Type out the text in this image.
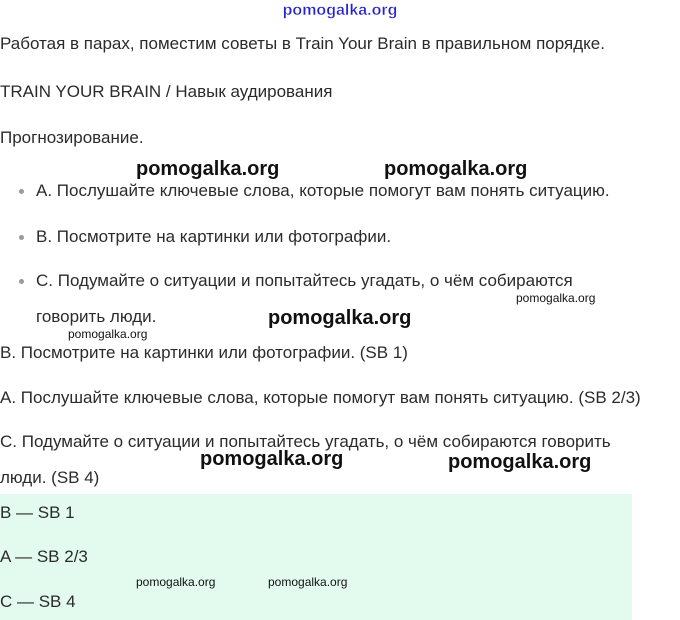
pomogalka.org
Работая в парах, поместим советы в Train Your Brain в правильном порядке.
TRAIN YOUR BRAIN / Навык аудирования
Прогнозирование.
A. Послушайте ключевые слова, которые помогут вам понять ситуацию.
B. Посмотрите на картинки или фотографии.
C. Подумайте о ситуации и попытайтесь угадать, о чём собираются
говорить люди.
B. Посмотрите на картинки или фотографии. (SB 1)
A. Послушайте ключевые слова, которые помогут вам понять ситуацию. (SB 2/3)
C. Подумайте о ситуации и попытайтесь угадать, о чём собираются говорить
люди. (SB 4)
B — SB 1
A — SB 2/3
C — SB 4
pomogalka.org	pomogalka.org
pomogalka.org
pomogalka.org
pomogalka.org
pomogalka.org	pomogalka.org
pomogalka.org	pomogalka.org
